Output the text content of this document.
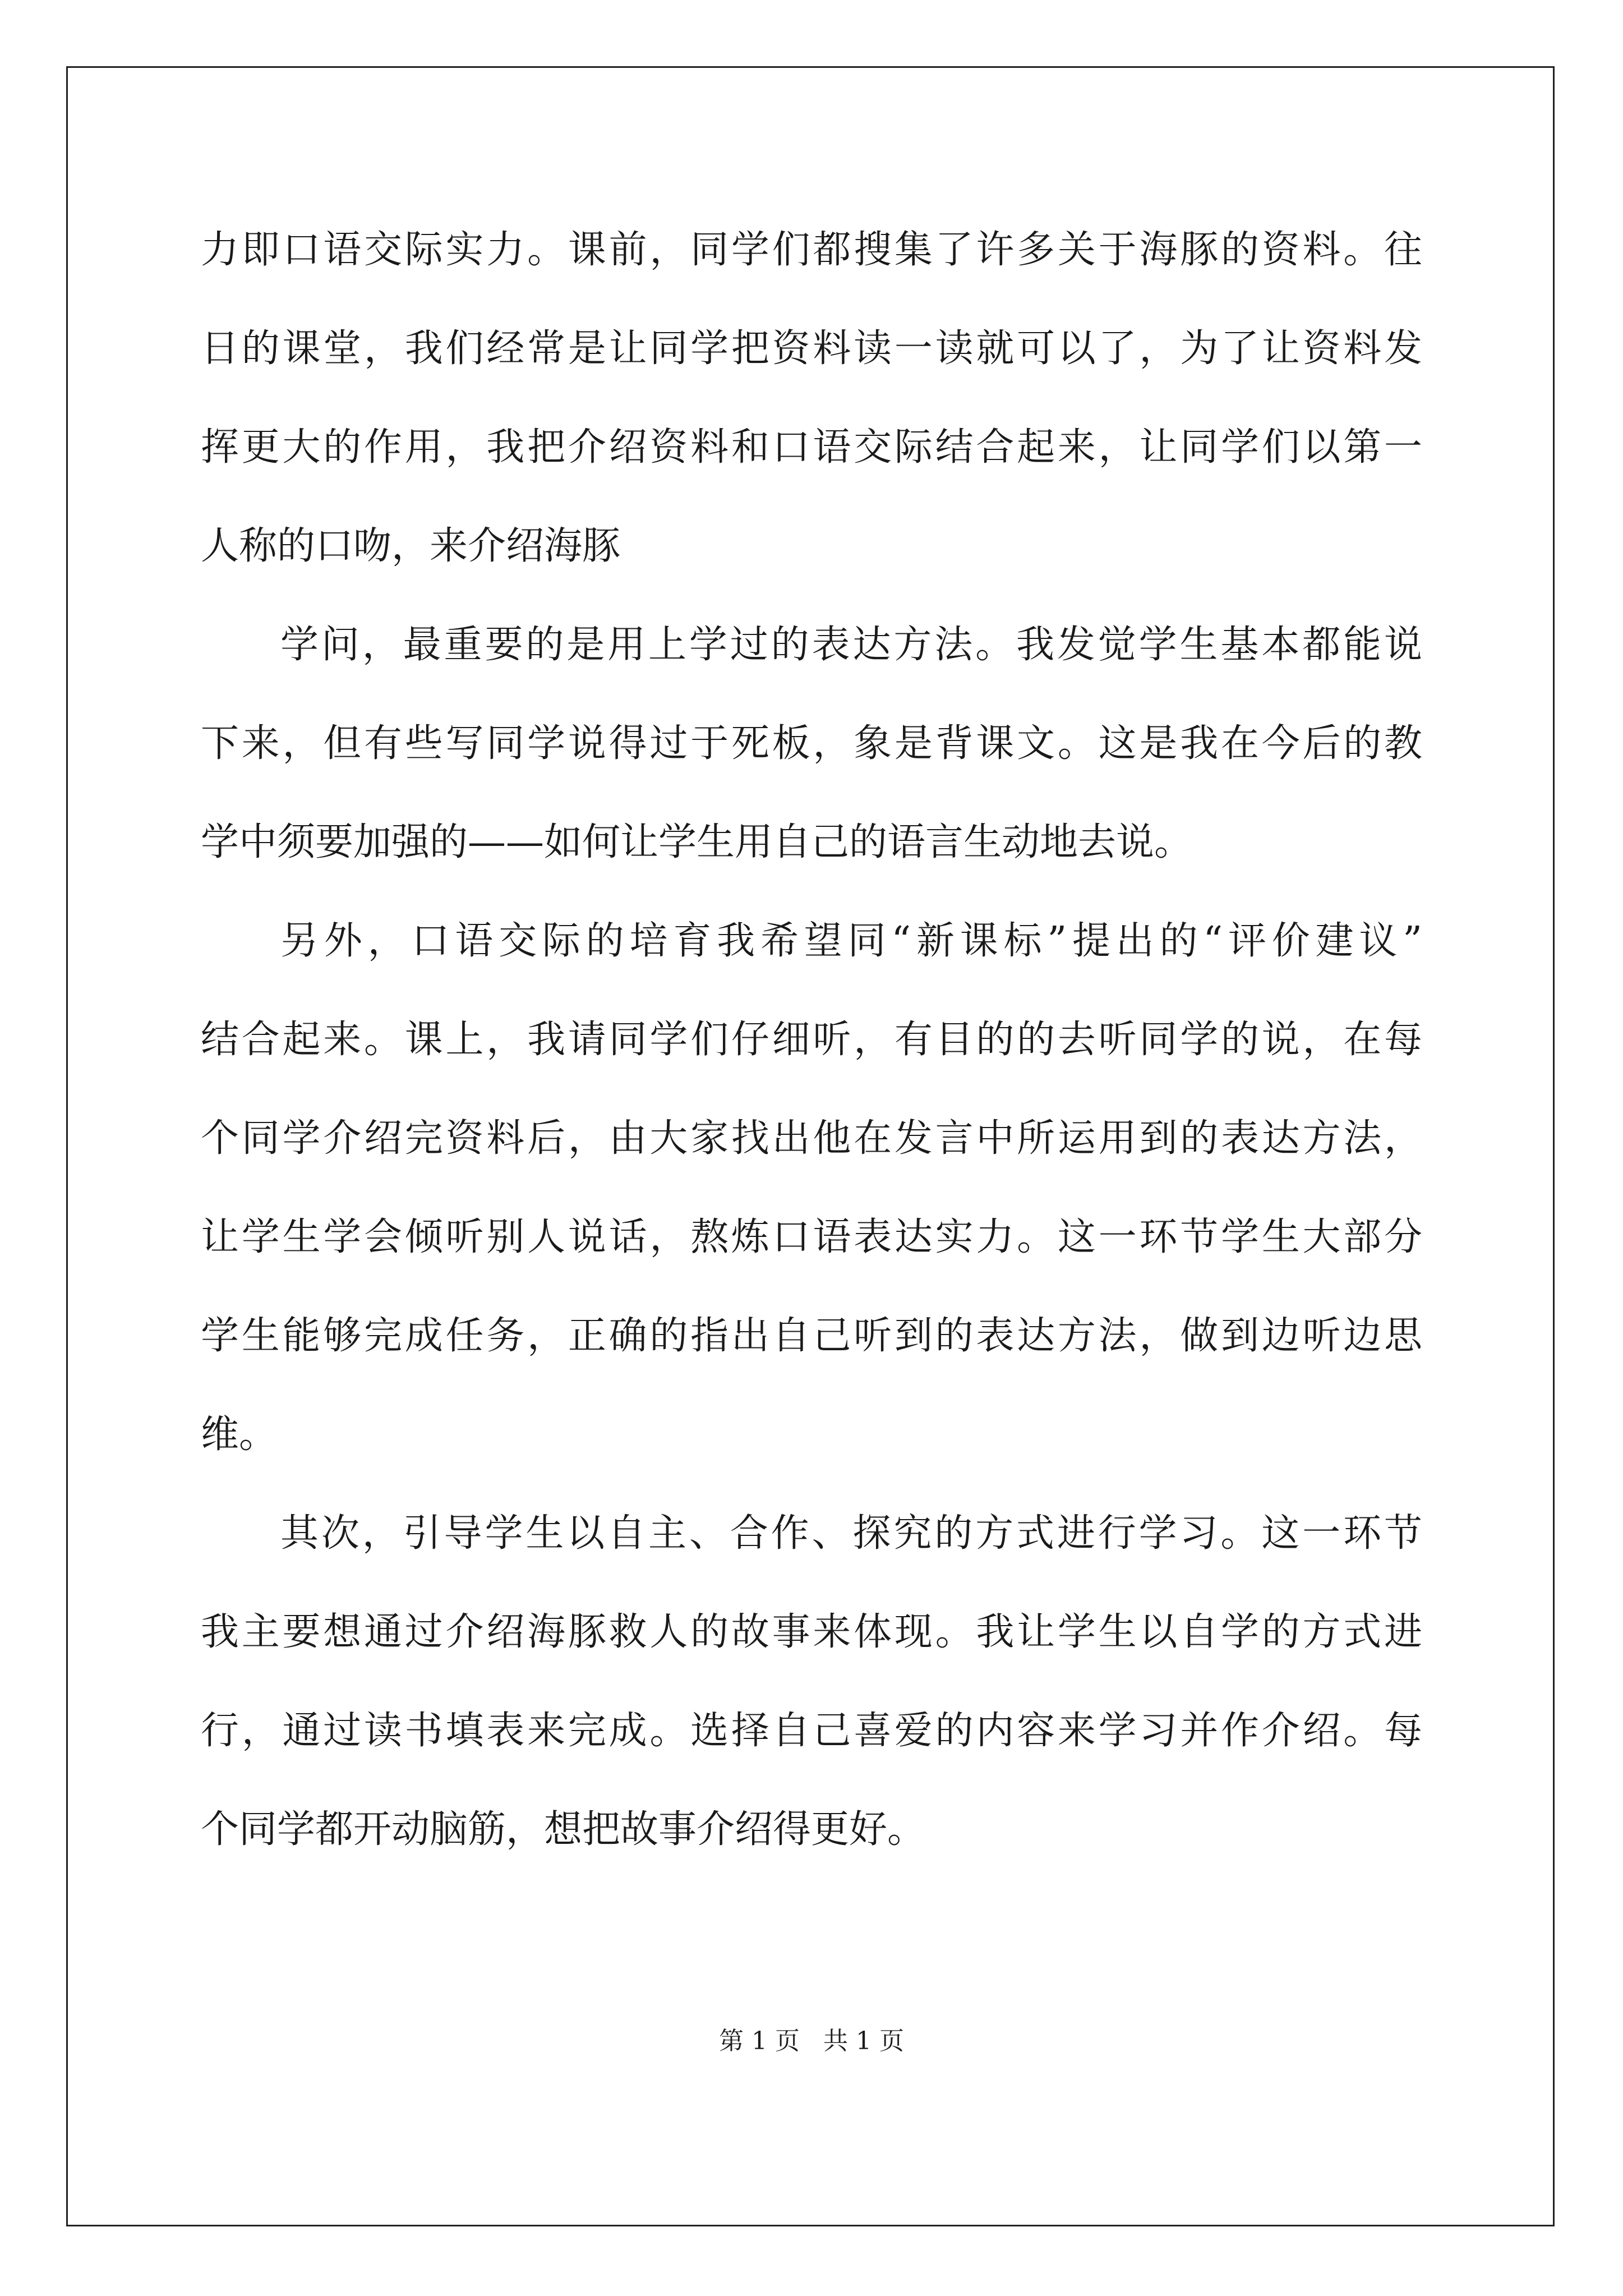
力即口语交际实力。课前，同学们都搜集了许多关于海豚的资料。往
日的课堂，我们经常是让同学把资料读一读就可以了，为了让资料发
挥更大的作用，我把介绍资料和口语交际结合起来，让同学们以第一
人称的口吻，来介绍海豚
学问，最重要的是用上学过的表达方法。我发觉学生基本都能说
下来，但有些写同学说得过于死板，象是背课文。这是我在今后的教
学中须要加强的——如何让学生用自己的语言生动地去说。
另外，口语交际的培育我希望同“新课标”提出的“评价建议”
结合起来。课上，我请同学们仔细听，有目的的去听同学的说，在每
个同学介绍完资料后，由大家找出他在发言中所运用到的表达方法，
让学生学会倾听别人说话，熬炼口语表达实力。这一环节学生大部分
学生能够完成任务，正确的指出自己听到的表达方法，做到边听边思
维。
其次，引导学生以自主、合作、探究的方式进行学习。这一环节
我主要想通过介绍海豚救人的故事来体现。我让学生以自学的方式进
行，通过读书填表来完成。选择自己喜爱的内容来学习并作介绍。每
个同学都开动脑筋，想把故事介绍得更好。
第 1 页 共 1 页
